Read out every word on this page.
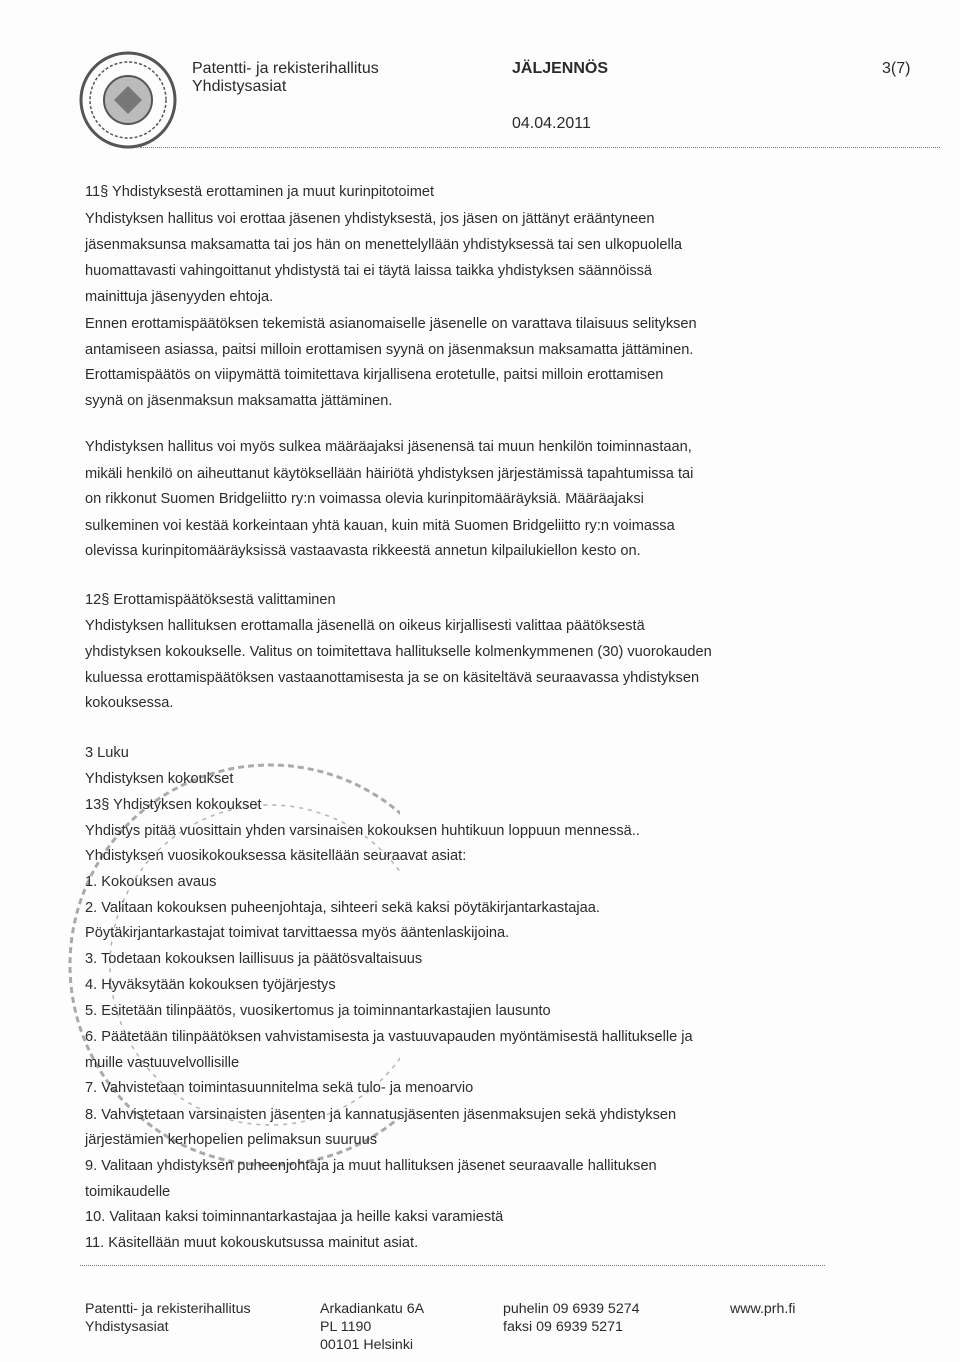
Patentti- ja rekisterihallitus
Yhdistysasiat
JÄLJENNÖS	3(7)
04.04.2011
11§ Yhdistyksestä erottaminen ja muut kurinpitotoimet
Yhdistyksen hallitus voi erottaa jäsenen yhdistyksestä, jos jäsen on jättänyt erääntyneen
jäsenmaksunsa maksamatta tai jos hän on menettelyllään yhdistyksessä tai sen ulkopuolella
huomattavasti vahingoittanut yhdistystä tai ei täytä laissa taikka yhdistyksen säännöissä
mainittuja jäsenyyden ehtoja.
Ennen erottamispäätöksen tekemistä asianomaiselle jäsenelle on varattava tilaisuus selityksen
antamiseen asiassa, paitsi milloin erottamisen syynä on jäsenmaksun maksamatta jättäminen.
Erottamispäätös on viipymättä toimitettava kirjallisena erotetulle, paitsi milloin erottamisen
syynä on jäsenmaksun maksamatta jättäminen.
Yhdistyksen hallitus voi myös sulkea määräajaksi jäsenensä tai muun henkilön toiminnastaan,
mikäli henkilö on aiheuttanut käytöksellään häiriötä yhdistyksen järjestämissä tapahtumissa tai
on rikkonut Suomen Bridgeliitto ry:n voimassa olevia kurinpitomääräyksiä. Määräajaksi
sulkeminen voi kestää korkeintaan yhtä kauan, kuin mitä Suomen Bridgeliitto ry:n voimassa
olevissa kurinpitomääräyksissä vastaavasta rikkeestä annetun kilpailukiellon kesto on.
12§ Erottamispäätöksestä valittaminen
Yhdistyksen hallituksen erottamalla jäsenellä on oikeus kirjallisesti valittaa päätöksestä
yhdistyksen kokoukselle. Valitus on toimitettava hallitukselle kolmenkymmenen (30) vuorokauden
kuluessa erottamispäätöksen vastaanottamisesta ja se on käsiteltävä seuraavassa yhdistyksen
kokouksessa.
3 Luku
Yhdistyksen kokoukset
13§ Yhdistyksen kokoukset
Yhdistys pitää vuosittain yhden varsinaisen kokouksen huhtikuun loppuun mennessä..
Yhdistyksen vuosikokouksessa käsitellään seuraavat asiat:
1. Kokouksen avaus
2. Valitaan kokouksen puheenjohtaja, sihteeri sekä kaksi pöytäkirjantarkastajaa.
Pöytäkirjantarkastajat toimivat tarvittaessa myös ääntenlaskijoina.
3. Todetaan kokouksen laillisuus ja päätösvaltaisuus
4. Hyväksytään kokouksen työjärjestys
5. Esitetään tilinpäätös, vuosikertomus ja toiminnantarkastajien lausunto
6. Päätetään tilinpäätöksen vahvistamisesta ja vastuuvapauden myöntämisestä hallitukselle ja
muille vastuuvelvollisille
7. Vahvistetaan toimintasuunnitelma sekä tulo- ja menoarvio
8. Vahvistetaan varsinaisten jäsenten ja kannatusjäsenten jäsenmaksujen sekä yhdistyksen
järjestämien kerhopelien pelimaksun suuruus
9. Valitaan yhdistyksen puheenjohtaja ja muut hallituksen jäsenet seuraavalle hallituksen
toimikaudelle
10. Valitaan kaksi toiminnantarkastajaa ja heille kaksi varamiestä
11. Käsitellään muut kokouskutsussa mainitut asiat.
Patentti- ja rekisterihallitus
Yhdistysasiat
Arkadiankatu 6A
PL 1190
00101 Helsinki
puhelin 09 6939 5274
faksi 09 6939 5271
www.prh.fi
